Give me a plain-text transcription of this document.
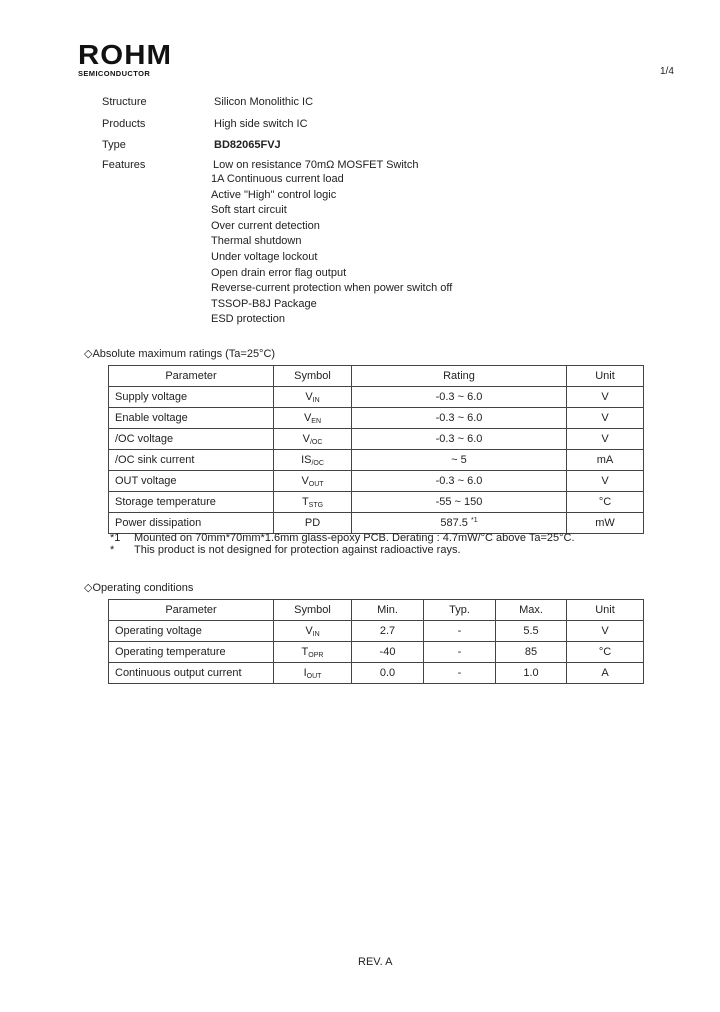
ROHM
SEMICONDUCTOR	1/4
Structure	Silicon Monolithic IC
Products	High side switch IC
Type	BD82065FVJ
Features	Low on resistance 70mΩ MOSFET Switch
1A Continuous current load
Active "High" control logic
Soft start circuit
Over current detection
Thermal shutdown
Under voltage lockout
Open drain error flag output
Reverse-current protection when power switch off
TSSOP-B8J Package
ESD protection
◇Absolute maximum ratings (Ta=25°C)
Parameter	Symbol	Rating	Unit
Supply voltage	$V_{IN}$	-0.3 ~ 6.0	V
Enable voltage	$V_{EN}$	-0.3 ~ 6.0	V
/OC voltage	$V_{/OC}$	-0.3 ~ 6.0	V
/OC sink current	$IS_{/OC}$	~ 5	mA
OUT voltage	$V_{OUT}$	-0.3 ~ 6.0	V
Storage temperature	$T_{STG}$	-55 ~ 150	°C
Power dissipation	PD	587.5 $^{*1}$	mW
*1 Mounted on 70mm*70mm*1.6mm glass-epoxy PCB. Derating : 4.7mW/°C above Ta=25°C.
* This product is not designed for protection against radioactive rays.
◇Operating conditions
Parameter	Symbol	Min.	Typ.	Max.	Unit
Operating voltage	$V_{IN}$	2.7	-	5.5	V
Operating temperature	$T_{OPR}$	-40	-	85	°C
Continuous output current	$I_{OUT}$	0.0	-	1.0	A
REV. A
